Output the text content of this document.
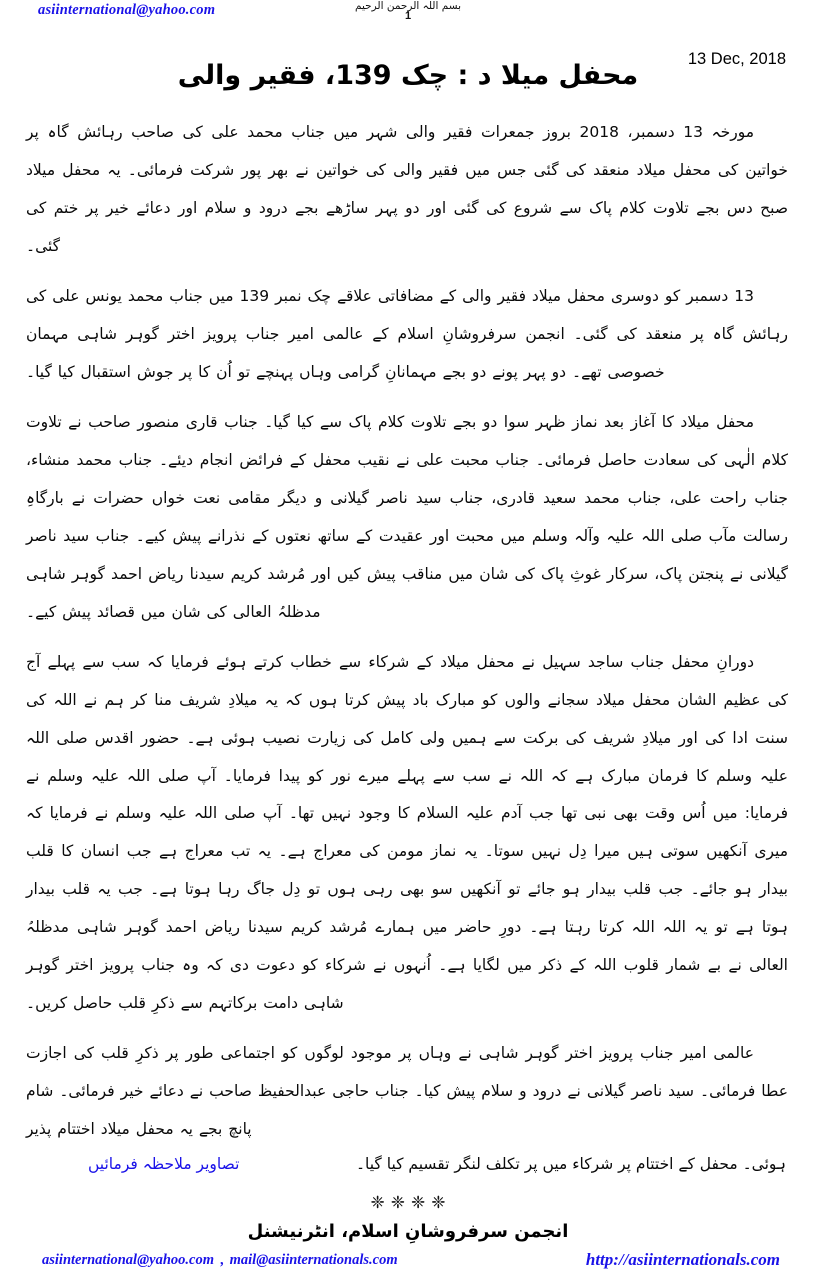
asiinternational@yahoo.com	بسم اللہ الرحمن الرحیم
1
محفل میلا د : چک 139، فقیر والی
13 Dec, 2018

مورخہ 13 دسمبر، 2018 بروز جمعرات فقیر والی شہر میں جناب محمد علی کی صاحب رہائش گاہ پر خواتین کی محفل میلاد منعقد کی گئی جس میں فقیر والی کی خواتین نے بھر پور شرکت فرمائی۔ یہ محفل میلاد صبح دس بجے تلاوت کلام پاک سے شروع کی گئی اور دو پہر ساڑھے بجے درود و سلام اور دعائے خیر پر ختم کی گئی۔

13 دسمبر کو دوسری محفل میلاد فقیر والی کے مضافاتی علاقے چک نمبر 139 میں جناب محمد یونس علی کی رہائش گاہ پر منعقد کی گئی۔ انجمن سرفروشانِ اسلام کے عالمی امیر جناب پرویز اختر گوہر شاہی مہمان خصوصی تھے۔ دو پہر پونے دو بجے مہمانانِ گرامی وہاں پہنچے تو اُن کا پر جوش استقبال کیا گیا۔

محفل میلاد کا آغاز بعد نماز ظہر سوا دو بجے تلاوت کلام پاک سے کیا گیا۔ جناب قاری منصور صاحب نے تلاوت کلام الٰہی کی سعادت حاصل فرمائی۔ جناب محبت علی نے نقیب محفل کے فرائض انجام دیئے۔ جناب محمد منشاء، جناب راحت علی، جناب محمد سعید قادری، جناب سید ناصر گیلانی و دیگر مقامی نعت خواں حضرات نے بارگاہِ رسالت مآب صلی اللہ علیہ وآلہ وسلم میں محبت اور عقیدت کے ساتھ نعتوں کے نذرانے پیش کیے۔ جناب سید ناصر گیلانی نے پنجتن پاک، سرکار غوثِ پاک کی شان میں مناقب پیش کیں اور مُرشد کریم سیدنا ریاض احمد گوہر شاہی مدظلہُ العالی کی شان میں قصائد پیش کیے۔

دورانِ محفل جناب ساجد سہیل نے محفل میلاد کے شرکاء سے خطاب کرتے ہوئے فرمایا کہ سب سے پہلے آج کی عظیم الشان محفل میلاد سجانے والوں کو مبارک باد پیش کرتا ہوں کہ یہ میلادِ شریف منا کر ہم نے اللہ کی سنت ادا کی اور میلادِ شریف کی برکت سے ہمیں ولی کامل کی زیارت نصیب ہوئی ہے۔ حضور اقدس صلی اللہ علیہ وسلم کا فرمان مبارک ہے کہ اللہ نے سب سے پہلے میرے نور کو پیدا فرمایا۔ آپ صلی اللہ علیہ وسلم نے فرمایا: میں اُس وقت بھی نبی تھا جب آدم علیہ السلام کا وجود نہیں تھا۔ آپ صلی اللہ علیہ وسلم نے فرمایا کہ میری آنکھیں سوتی ہیں میرا دِل نہیں سوتا۔ یہ نماز مومن کی معراج ہے۔ یہ تب معراج ہے جب انسان کا قلب بیدار ہو جائے۔ جب قلب بیدار ہو جائے تو آنکھیں سو بھی رہی ہوں تو دِل جاگ رہا ہوتا ہے۔ جب یہ قلب بیدار ہوتا ہے تو یہ اللہ اللہ کرتا رہتا ہے۔ دورِ حاضر میں ہمارے مُرشد کریم سیدنا ریاض احمد گوہر شاہی مدظلہُ العالی نے بے شمار قلوب اللہ کے ذکر میں لگایا ہے۔ اُنہوں نے شرکاء کو دعوت دی کہ وہ جناب پرویز اختر گوہر شاہی دامت برکاتہم سے ذکرِ قلب حاصل کریں۔

عالمی امیر جناب پرویز اختر گوہر شاہی نے وہاں پر موجود لوگوں کو اجتماعی طور پر ذکرِ قلب کی اجازت عطا فرمائی۔ سید ناصر گیلانی نے درود و سلام پیش کیا۔ جناب حاجی عبدالحفیظ صاحب نے دعائے خیر فرمائی۔ شام پانچ بجے یہ محفل میلاد اختتام پذیر

ہوئی۔ محفل کے اختتام پر شرکاء میں پر تکلف لنگر تقسیم کیا گیا۔
تصاویر ملاحظہ فرمائیں
❈ ❈ ❈ ❈
انجمن سرفروشانِ اسلام، انٹرنیشنل
asiinternational@yahoo.com , mail@asiinternationals.com	http://asiinternationals.com
